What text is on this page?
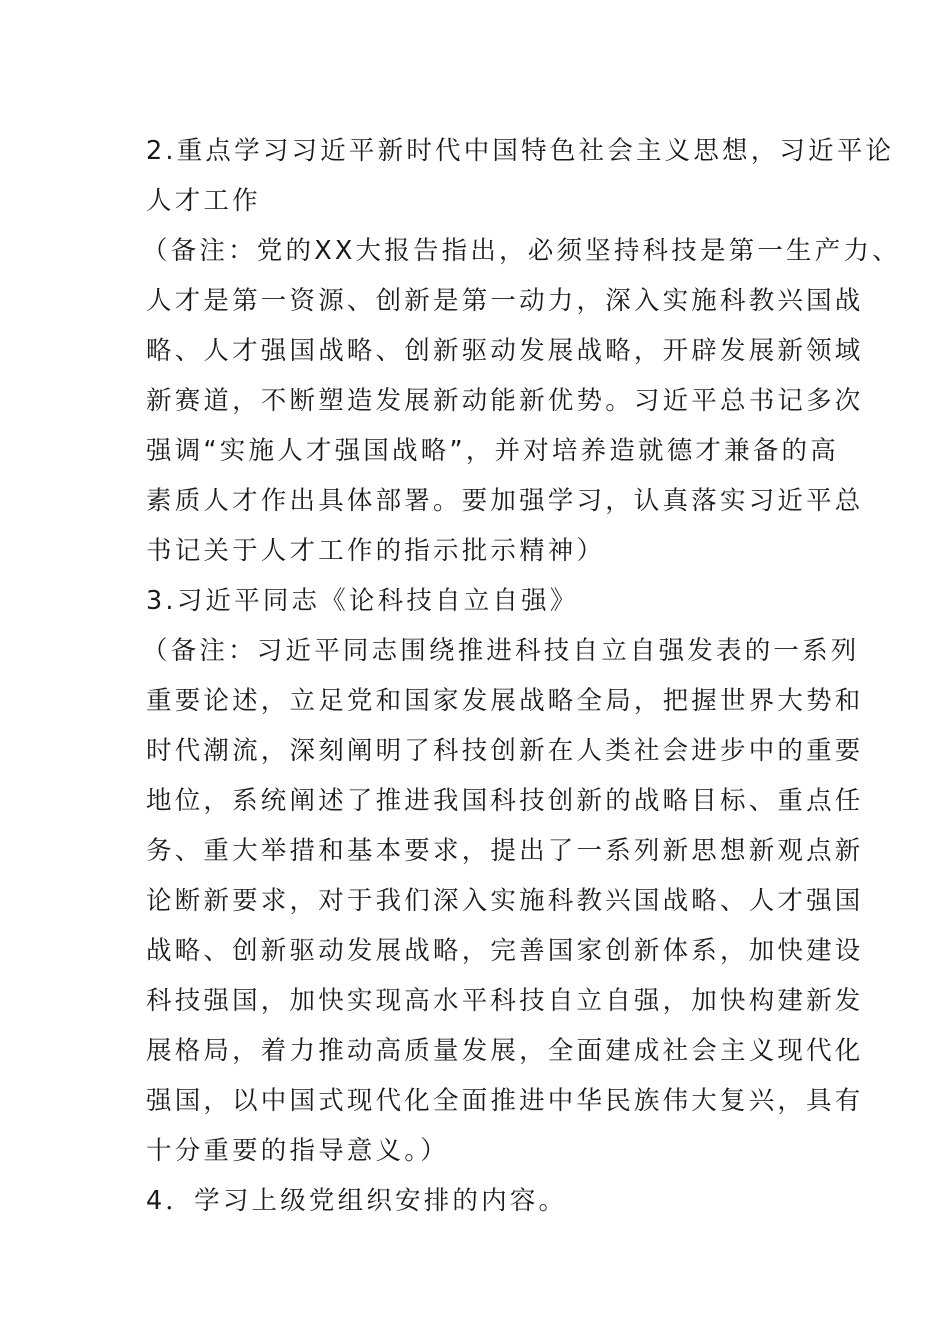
2.重点学习习近平新时代中国特色社会主义思想，习近平论
人才工作
（备注：党的XX大报告指出，必须坚持科技是第一生产力、
人才是第一资源、创新是第一动力，深入实施科教兴国战
略、人才强国战略、创新驱动发展战略，开辟发展新领域
新赛道，不断塑造发展新动能新优势。习近平总书记多次
强调“实施人才强国战略”，并对培养造就德才兼备的高
素质人才作出具体部署。要加强学习，认真落实习近平总
书记关于人才工作的指示批示精神）
3.习近平同志《论科技自立自强》
（备注：习近平同志围绕推进科技自立自强发表的一系列
重要论述，立足党和国家发展战略全局，把握世界大势和
时代潮流，深刻阐明了科技创新在人类社会进步中的重要
地位，系统阐述了推进我国科技创新的战略目标、重点任
务、重大举措和基本要求，提出了一系列新思想新观点新
论断新要求，对于我们深入实施科教兴国战略、人才强国
战略、创新驱动发展战略，完善国家创新体系，加快建设
科技强国，加快实现高水平科技自立自强，加快构建新发
展格局，着力推动高质量发展，全面建成社会主义现代化
强国，以中国式现代化全面推进中华民族伟大复兴，具有
十分重要的指导意义。）
4．学习上级党组织安排的内容。
